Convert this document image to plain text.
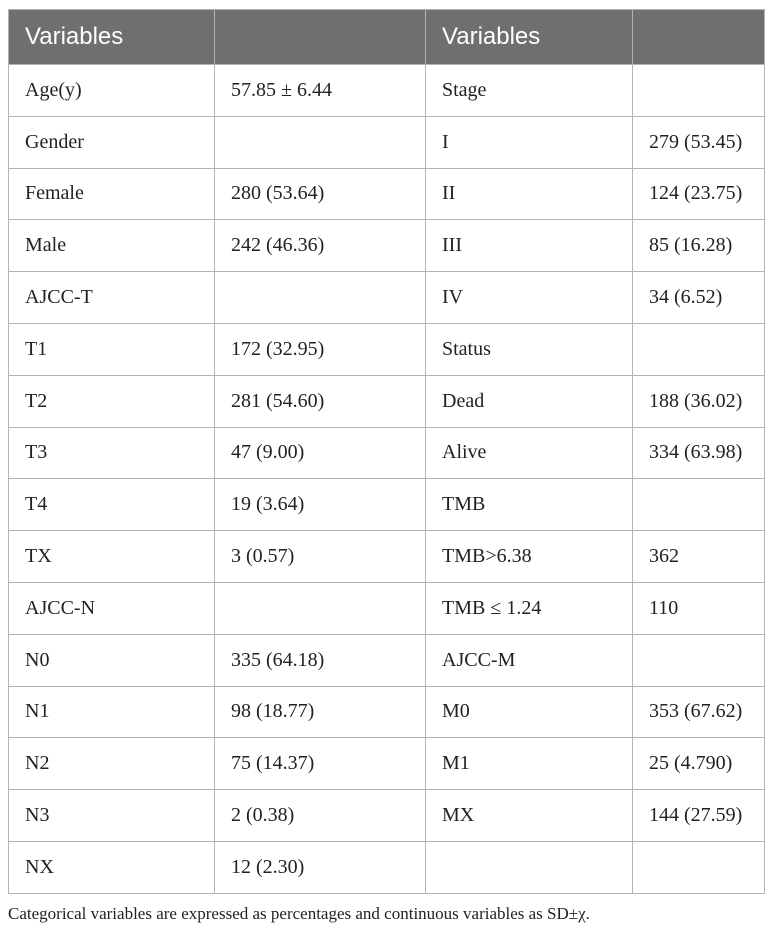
Variables		Variables	
Age(y)	57.85 ± 6.44	Stage	
Gender		I	279 (53.45)
Female	280 (53.64)	II	124 (23.75)
Male	242 (46.36)	III	85 (16.28)
AJCC-T		IV	34 (6.52)
T1	172 (32.95)	Status	
T2	281 (54.60)	Dead	188 (36.02)
T3	47 (9.00)	Alive	334 (63.98)
T4	19 (3.64)	TMB	
TX	3 (0.57)	TMB>6.38	362
AJCC-N		TMB ≤ 1.24	110
N0	335 (64.18)	AJCC-M	
N1	98 (18.77)	M0	353 (67.62)
N2	75 (14.37)	M1	25 (4.790)
N3	2 (0.38)	MX	144 (27.59)
NX	12 (2.30)		
Categorical variables are expressed as percentages and continuous variables as SD±χ.
